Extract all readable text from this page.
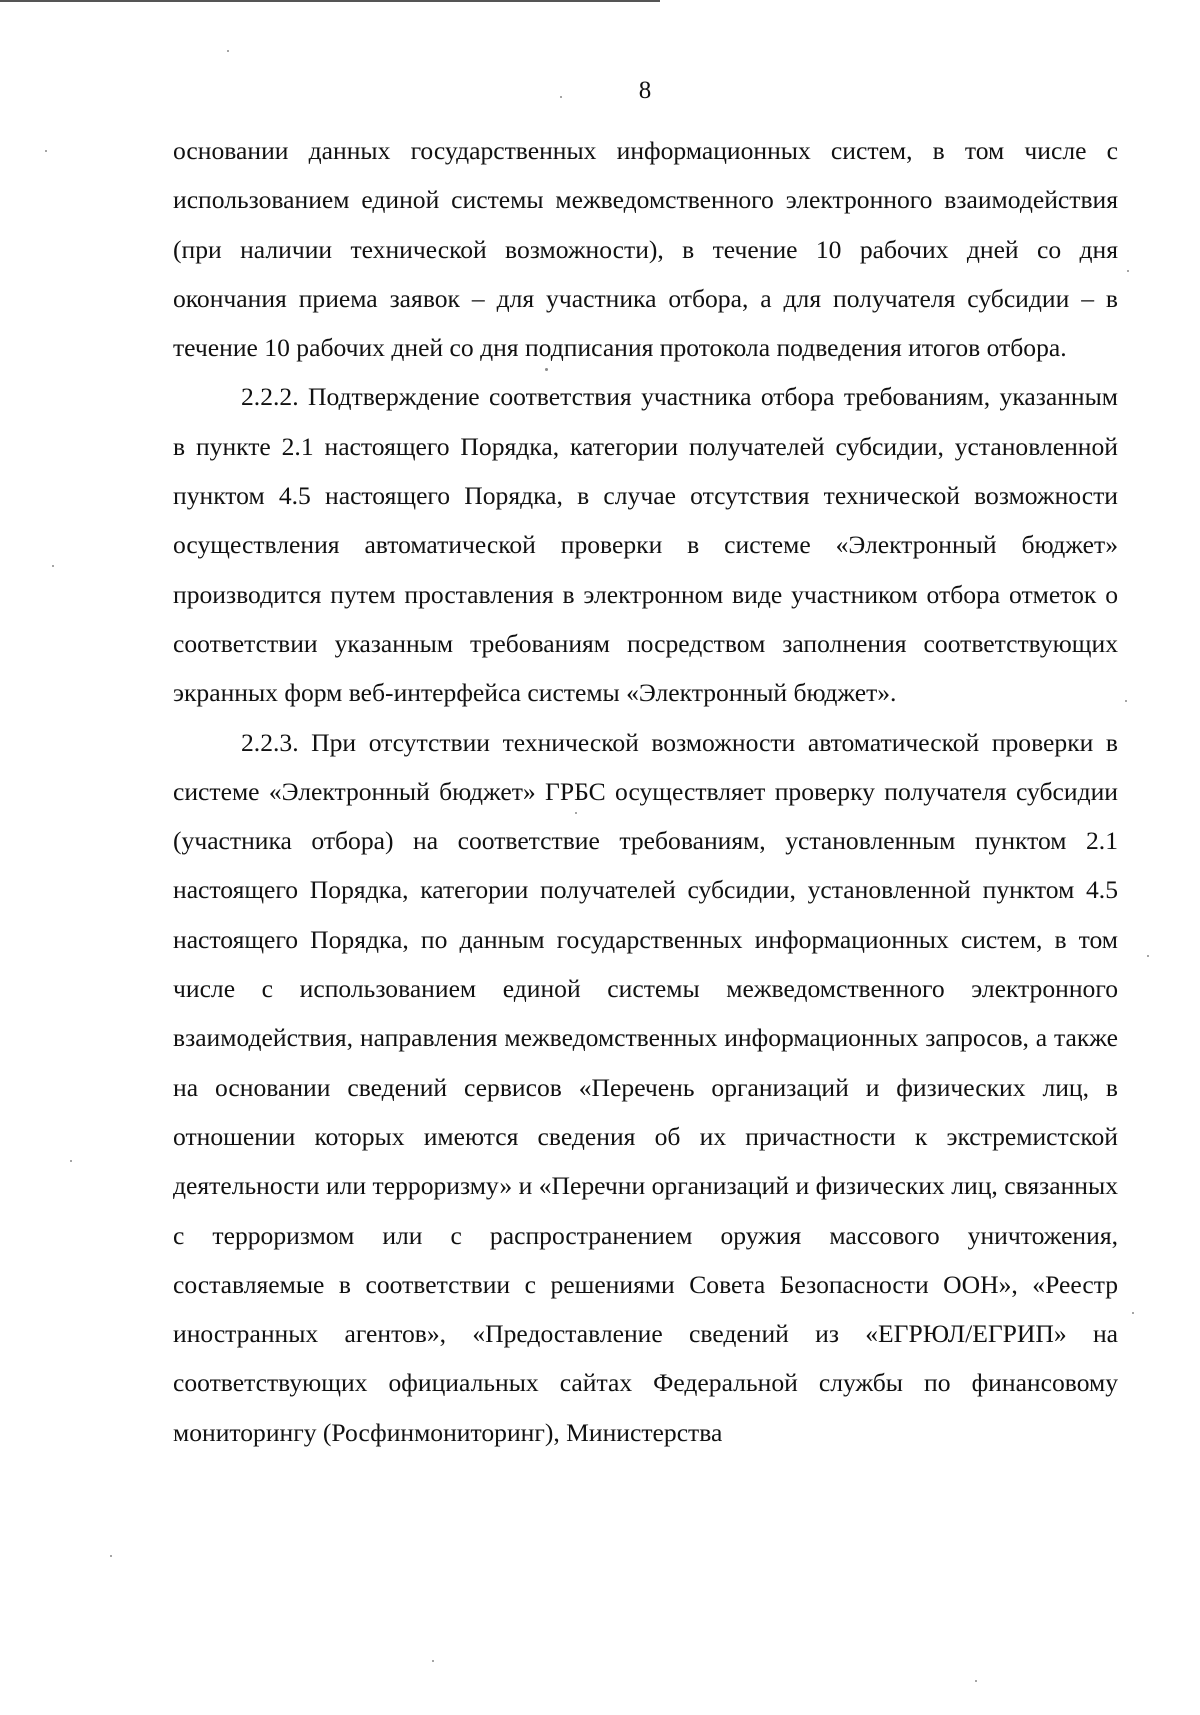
8

основании данных государственных информационных систем, в том числе с использованием единой системы межведомственного электронного взаимодействия (при наличии технической возможности), в течение 10 рабочих дней со дня окончания приема заявок – для участника отбора, а для получателя субсидии – в течение 10 рабочих дней со дня подписания протокола подведения итогов отбора.

2.2.2. Подтверждение соответствия участника отбора требованиям, указанным в пункте 2.1 настоящего Порядка, категории получателей субсидии, установленной пунктом 4.5 настоящего Порядка, в случае отсутствия технической возможности осуществления автоматической проверки в системе «Электронный бюджет» производится путем проставления в электронном виде участником отбора отметок о соответствии указанным требованиям посредством заполнения соответствующих экранных форм веб-интерфейса системы «Электронный бюджет».

2.2.3. При отсутствии технической возможности автоматической проверки в системе «Электронный бюджет» ГРБС осуществляет проверку получателя субсидии (участника отбора) на соответствие требованиям, установленным пунктом 2.1 настоящего Порядка, категории получателей субсидии, установленной пунктом 4.5 настоящего Порядка, по данным государственных информационных систем, в том числе с использованием единой системы межведомственного электронного взаимодействия, направления межведомственных информационных запросов, а также на основании сведений сервисов «Перечень организаций и физических лиц, в отношении которых имеются сведения об их причастности к экстремистской деятельности или терроризму» и «Перечни организаций и физических лиц, связанных с терроризмом или с распространением оружия массового уничтожения, составляемые в соответствии с решениями Совета Безопасности ООН», «Реестр иностранных агентов», «Предоставление сведений из «ЕГРЮЛ/ЕГРИП» на соответствующих официальных сайтах Федеральной службы по финансовому мониторингу (Росфинмониторинг), Министерства
